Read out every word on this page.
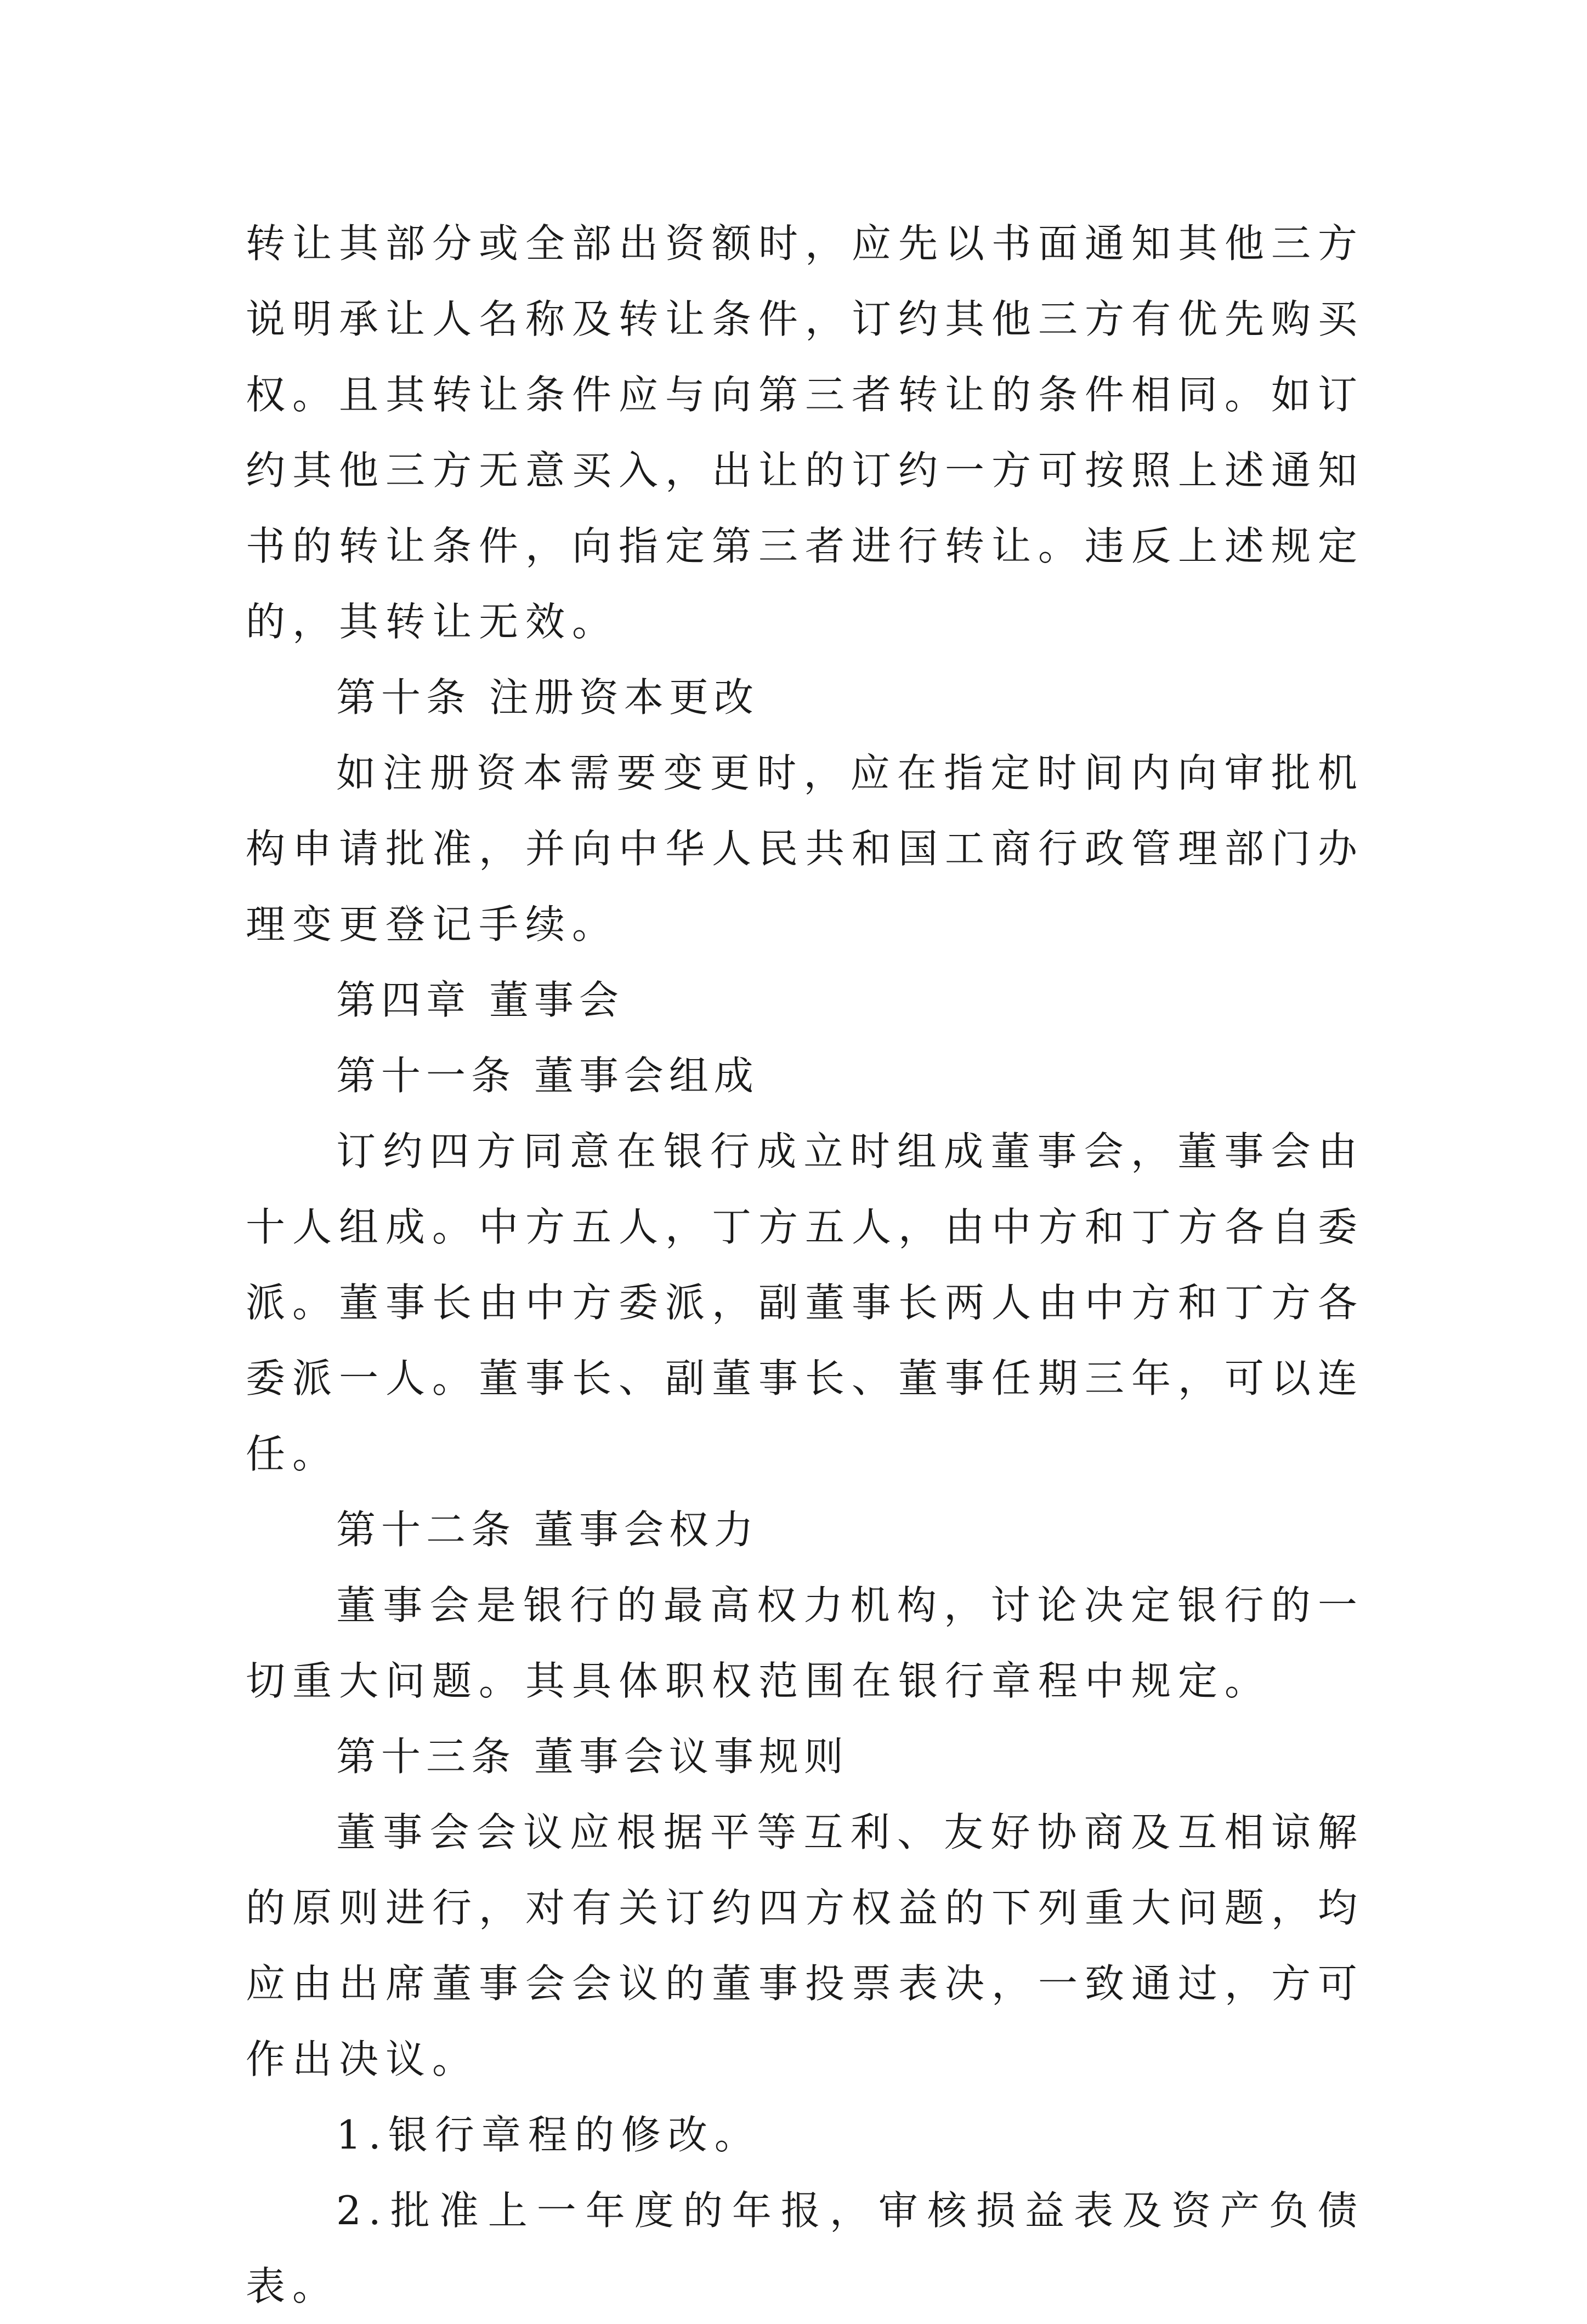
转让其部分或全部出资额时，应先以书面通知其他三方说明承让人名称及转让条件，订约其他三方有优先购买权。且其转让条件应与向第三者转让的条件相同。如订约其他三方无意买入，出让的订约一方可按照上述通知书的转让条件，向指定第三者进行转让。违反上述规定的，其转让无效。

第十条 注册资本更改

如注册资本需要变更时，应在指定时间内向审批机构申请批准，并向中华人民共和国工商行政管理部门办理变更登记手续。

第四章 董事会

第十一条 董事会组成

订约四方同意在银行成立时组成董事会，董事会由十人组成。中方五人，丁方五人，由中方和丁方各自委派。董事长由中方委派，副董事长两人由中方和丁方各委派一人。董事长、副董事长、董事任期三年，可以连任。

第十二条 董事会权力

董事会是银行的最高权力机构，讨论决定银行的一切重大问题。其具体职权范围在银行章程中规定。

第十三条 董事会议事规则

董事会会议应根据平等互利、友好协商及互相谅解的原则进行，对有关订约四方权益的下列重大问题，均应由出席董事会会议的董事投票表决，一致通过，方可作出决议。

1.银行章程的修改。

2.批准上一年度的年报，审核损益表及资产负债表。
